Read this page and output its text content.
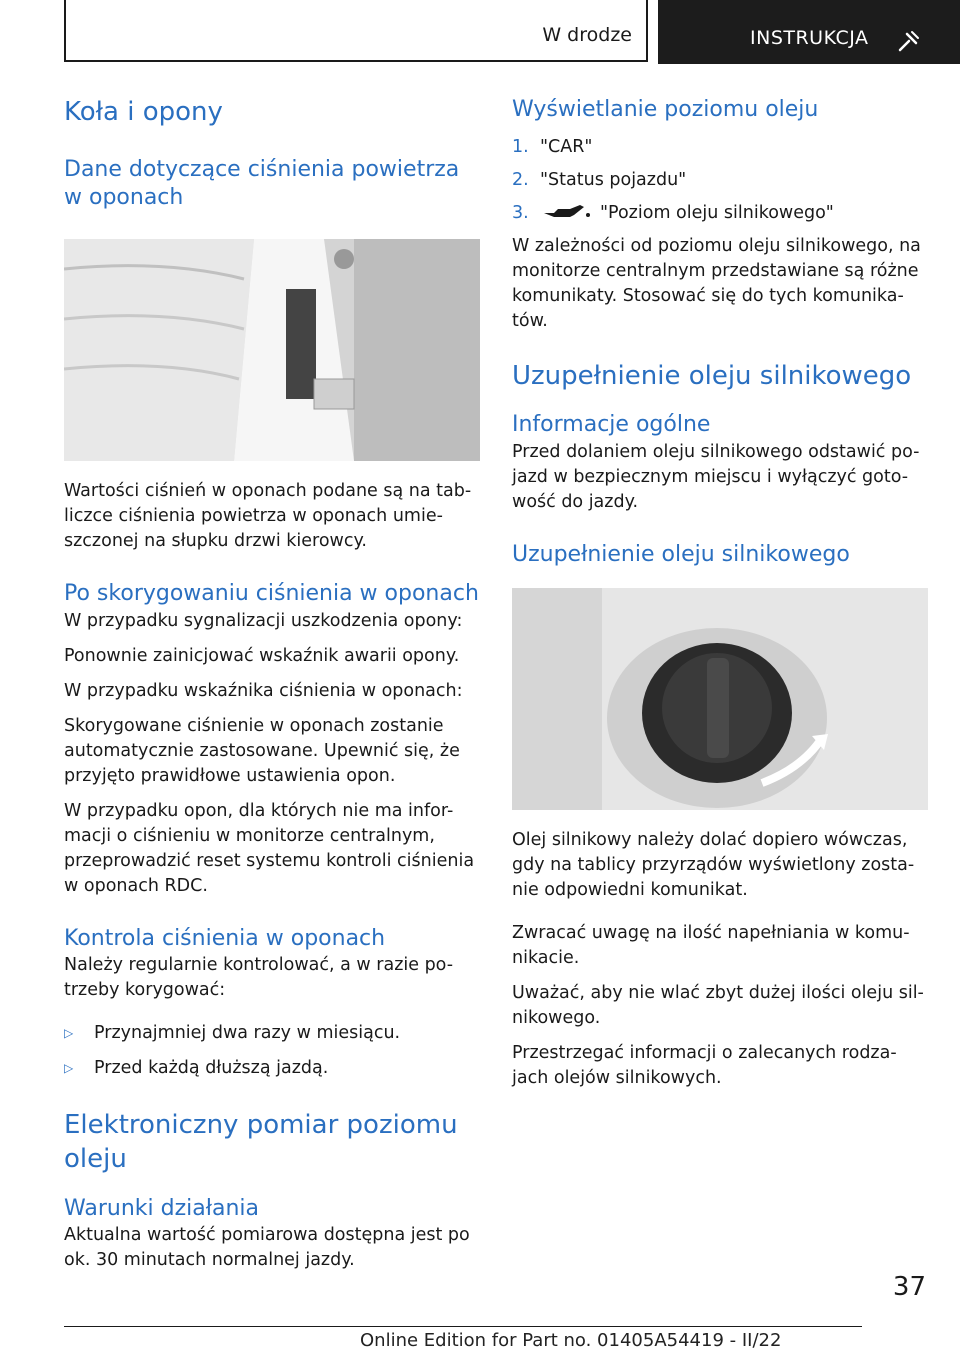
W drodze	INSTRUKCJA
Koła i opony
Dane dotyczące ciśnienia powietrza w oponach

Wartości ciśnień w oponach podane są na tab-liczce ciśnienia powietrza w oponach umie-szczonej na słupku drzwi kierowcy.

Po skorygowaniu ciśnienia w oponach

W przypadku sygnalizacji uszkodzenia opony:

Ponownie zainicjować wskaźnik awarii opony.

W przypadku wskaźnika ciśnienia w oponach:

Skorygowane ciśnienie w oponach zostanie automatycznie zastosowane. Upewnić się, że przyjęto prawidłowe ustawienia opon.

W przypadku opon, dla których nie ma infor-macji o ciśnieniu w monitorze centralnym, przeprowadzić reset systemu kontroli ciśnienia w oponach RDC.

Kontrola ciśnienia w oponach

Należy regularnie kontrolować, a w razie po-trzeby korygować:

▷	Przynajmniej dwa razy w miesiącu.
▷	Przed każdą dłuższą jazdą.
Elektroniczny pomiar poziomu oleju
Warunki działania

Aktualna wartość pomiarowa dostępna jest po ok. 30 minutach normalnej jazdy.

Wyświetlanie poziomu oleju
1. "CAR"
2. "Status pojazdu"
3.	"Poziom oleju silnikowego"

W zależności od poziomu oleju silnikowego, na monitorze centralnym przedstawiane są różne komunikaty. Stosować się do tych komunika-tów.

Uzupełnienie oleju silnikowego
Informacje ogólne

Przed dolaniem oleju silnikowego odstawić po-jazd w bezpiecznym miejscu i wyłączyć goto-wość do jazdy.

Uzupełnienie oleju silnikowego

Olej silnikowy należy dolać dopiero wówczas, gdy na tablicy przyrządów wyświetlony zosta-nie odpowiedni komunikat.

Zwracać uwagę na ilość napełniania w komu-nikacie.

Uważać, aby nie wlać zbyt dużej ilości oleju sil-nikowego.

Przestrzegać informacji o zalecanych rodza-jach olejów silnikowych.

37
Online Edition for Part no. 01405A54419 - II/22
